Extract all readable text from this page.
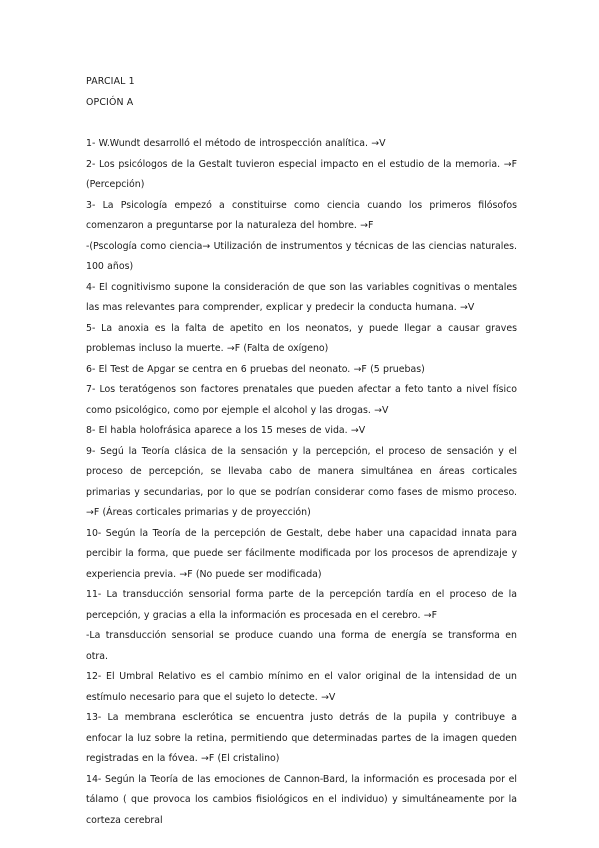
PARCIAL 1

OPCIÓN A

1- W.Wundt desarrolló el método de introspección analítica. →V

2- Los psicólogos de la Gestalt tuvieron especial impacto en el estudio de la memoria. →F (Percepción)

3- La Psicología empezó a constituirse como ciencia cuando los primeros filósofos comenzaron a preguntarse por la naturaleza del hombre. →F

-(Pscología como ciencia→ Utilización de instrumentos y técnicas de las ciencias naturales. 100 años)

4- El cognitivismo supone la consideración de que son las variables cognitivas o mentales las mas relevantes para comprender, explicar y predecir la conducta humana. →V

5- La anoxia es la falta de apetito en los neonatos, y puede llegar a causar graves problemas incluso la muerte. →F (Falta de oxígeno)

6- El Test de Apgar se centra en 6 pruebas del neonato. →F (5 pruebas)

7- Los teratógenos son factores prenatales que pueden afectar a feto tanto a nivel físico como psicológico, como por ejemple el alcohol y las drogas. →V

8- El habla holofrásica aparece a los 15 meses de vida. →V

9- Segú la Teoría clásica de la sensación y la percepción, el proceso de sensación y el proceso de percepción, se llevaba cabo de manera simultánea en áreas corticales primarias y secundarias, por lo que se podrían considerar como fases de mismo proceso. →F (Áreas corticales primarias y de proyección)

10- Según la Teoría de la percepción de Gestalt, debe haber una capacidad innata para percibir la forma, que puede ser fácilmente modificada por los procesos de aprendizaje y experiencia previa. →F (No puede ser modificada)

11- La transducción sensorial forma parte de la percepción tardía en el proceso de la percepción, y gracias a ella la información es procesada en el cerebro. →F

-La transducción sensorial se produce cuando una forma de energía se transforma en otra.

12- El Umbral Relativo es el cambio mínimo en el valor original de la intensidad de un estímulo necesario para que el sujeto lo detecte. →V

13- La membrana esclerótica se encuentra justo detrás de la pupila y contribuye a enfocar la luz sobre la retina, permitiendo que determinadas partes de la imagen queden registradas en la fóvea. →F (El cristalino)

14- Según la Teoría de las emociones de Cannon-Bard, la información es procesada por el tálamo ( que provoca los cambios fisiológicos en el individuo) y simultáneamente por la corteza cerebral
